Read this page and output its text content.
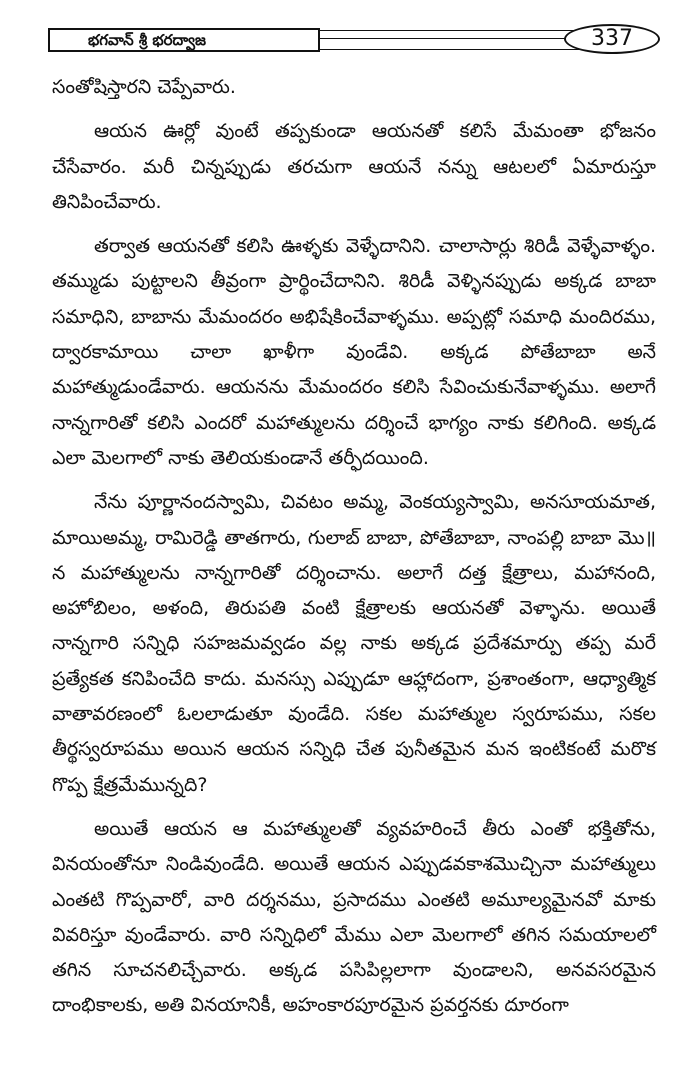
భగవాన్ శ్రీ భరద్వాజ	337

సంతోషిస్తారని చెప్పేవారు.

ఆయన ఊర్లో వుంటే తప్పకుండా ఆయనతో కలిసే మేమంతా భోజనం చేసేవారం. మరీ చిన్నప్పుడు తరచుగా ఆయనే నన్ను ఆటలలో ఏమారుస్తూ తినిపించేవారు.

తర్వాత ఆయనతో కలిసి ఊళ్ళకు వెళ్ళేదానిని. చాలాసార్లు శిరిడీ వెళ్ళేవాళ్ళం. తమ్ముడు పుట్టాలని తీవ్రంగా ప్రార్థించేదానిని. శిరిడీ వెళ్ళినప్పుడు అక్కడ బాబా సమాధిని, బాబాను మేమందరం అభిషేకించేవాళ్ళము. అప్పట్లో సమాధి మందిరము, ద్వారకామాయి చాలా ఖాళీగా వుండేవి. అక్కడ పోతేబాబా అనే మహాత్ముడుండేవారు. ఆయనను మేమందరం కలిసి సేవించుకునేవాళ్ళము. అలాగే నాన్నగారితో కలిసి ఎందరో మహాత్ములను దర్శించే భాగ్యం నాకు కలిగింది. అక్కడ ఎలా మెలగాలో నాకు తెలియకుండానే తర్ఫీదయింది.

నేను పూర్ణానందస్వామి, చివటం అమ్మ, వెంకయ్యస్వామి, అనసూయమాత, మాయిఅమ్మ, రామిరెడ్డి తాతగారు, గులాబ్ బాబా, పోతేబాబా, నాంపల్లి బాబా మొ॥న మహాత్ములను నాన్నగారితో దర్శించాను. అలాగే దత్త క్షేత్రాలు, మహానంది, అహోబిలం, అళంది, తిరుపతి వంటి క్షేత్రాలకు ఆయనతో వెళ్ళాను. అయితే నాన్నగారి సన్నిధి సహజమవ్వడం వల్ల నాకు అక్కడ ప్రదేశమార్పు తప్ప మరే ప్రత్యేకత కనిపించేది కాదు. మనస్సు ఎప్పుడూ ఆహ్లాదంగా, ప్రశాంతంగా, ఆధ్యాత్మిక వాతావరణంలో ఓలలాడుతూ వుండేది. సకల మహాత్ముల స్వరూపము, సకల తీర్థస్వరూపము అయిన ఆయన సన్నిధి చేత పునీతమైన మన ఇంటికంటే మరొక గొప్ప క్షేత్రమేమున్నది?

అయితే ఆయన ఆ మహాత్ములతో వ్యవహరించే తీరు ఎంతో భక్తితోను, వినయంతోనూ నిండివుండేది. అయితే ఆయన ఎప్పుడవకాశమొచ్చినా మహాత్ములు ఎంతటి గొప్పవారో, వారి దర్శనము, ప్రసాదము ఎంతటి అమూల్యమైనవో మాకు వివరిస్తూ వుండేవారు. వారి సన్నిధిలో మేము ఎలా మెలగాలో తగిన సమయాలలో తగిన సూచనలిచ్చేవారు. అక్కడ పసిపిల్లలాగా వుండాలని, అనవసరమైన దాంభికాలకు, అతి వినయానికీ, అహంకారపూరమైన ప్రవర్తనకు దూరంగా
